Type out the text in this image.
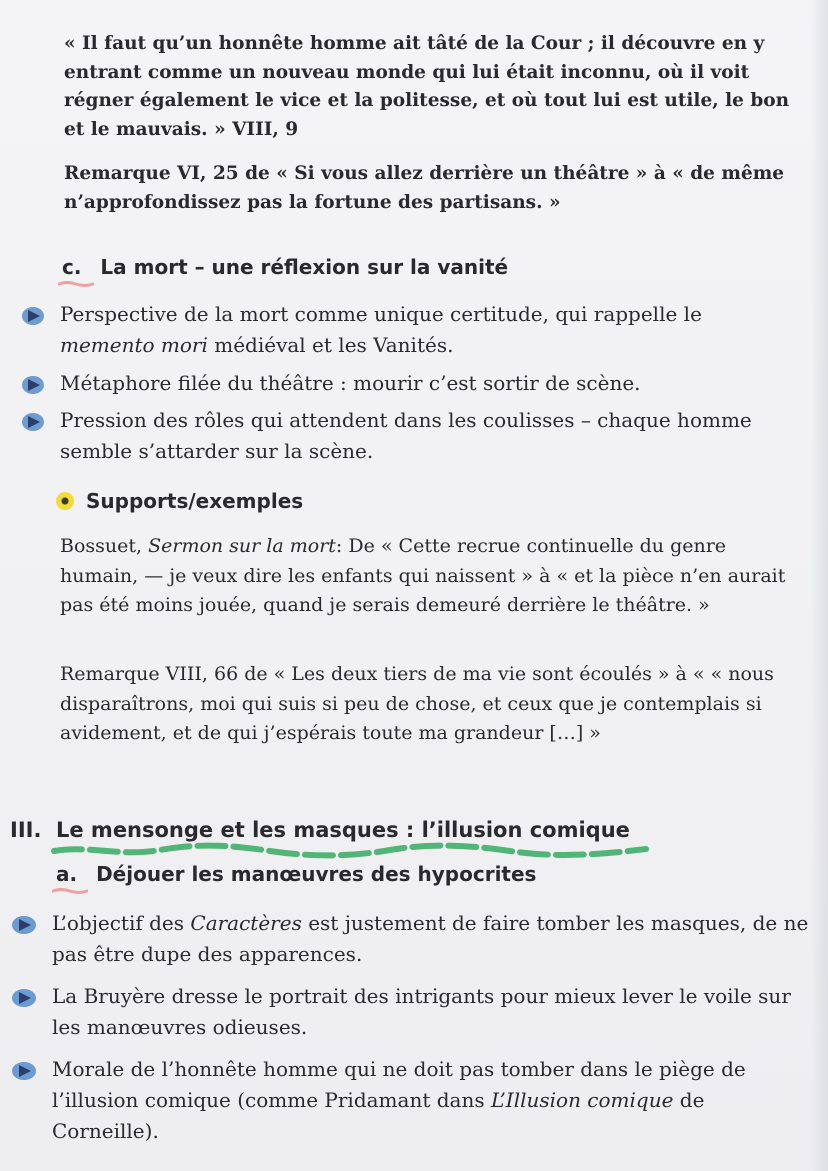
« Il faut qu’un honnête homme ait tâté de la Cour ; il découvre en y entrant comme un nouveau monde qui lui était inconnu, où il voit régner également le vice et la politesse, et où tout lui est utile, le bon et le mauvais. » VIII, 9

Remarque VI, 25 de « Si vous allez derrière un théâtre » à « de même n’approfondissez pas la fortune des partisans. »

c. La mort – une réflexion sur la vanité
Perspective de la mort comme unique certitude, qui rappelle le memento mori médiéval et les Vanités.
Métaphore filée du théâtre : mourir c’est sortir de scène.
Pression des rôles qui attendent dans les coulisses – chaque homme semble s’attarder sur la scène.
Supports/exemples

Bossuet, Sermon sur la mort: De « Cette recrue continuelle du genre humain, — je veux dire les enfants qui naissent » à « et la pièce n’en aurait pas été moins jouée, quand je serais demeuré derrière le théâtre. »

Remarque VIII, 66 de « Les deux tiers de ma vie sont écoulés » à « « nous disparaîtrons, moi qui suis si peu de chose, et ceux que je contemplais si avidement, et de qui j’espérais toute ma grandeur […] »

III. Le mensonge et les masques : l’illusion comique
a. Déjouer les manœuvres des hypocrites
L’objectif des Caractères est justement de faire tomber les masques, de ne pas être dupe des apparences.
La Bruyère dresse le portrait des intrigants pour mieux lever le voile sur les manœuvres odieuses.
Morale de l’honnête homme qui ne doit pas tomber dans le piège de l’illusion comique (comme Pridamant dans L’Illusion comique de Corneille).
